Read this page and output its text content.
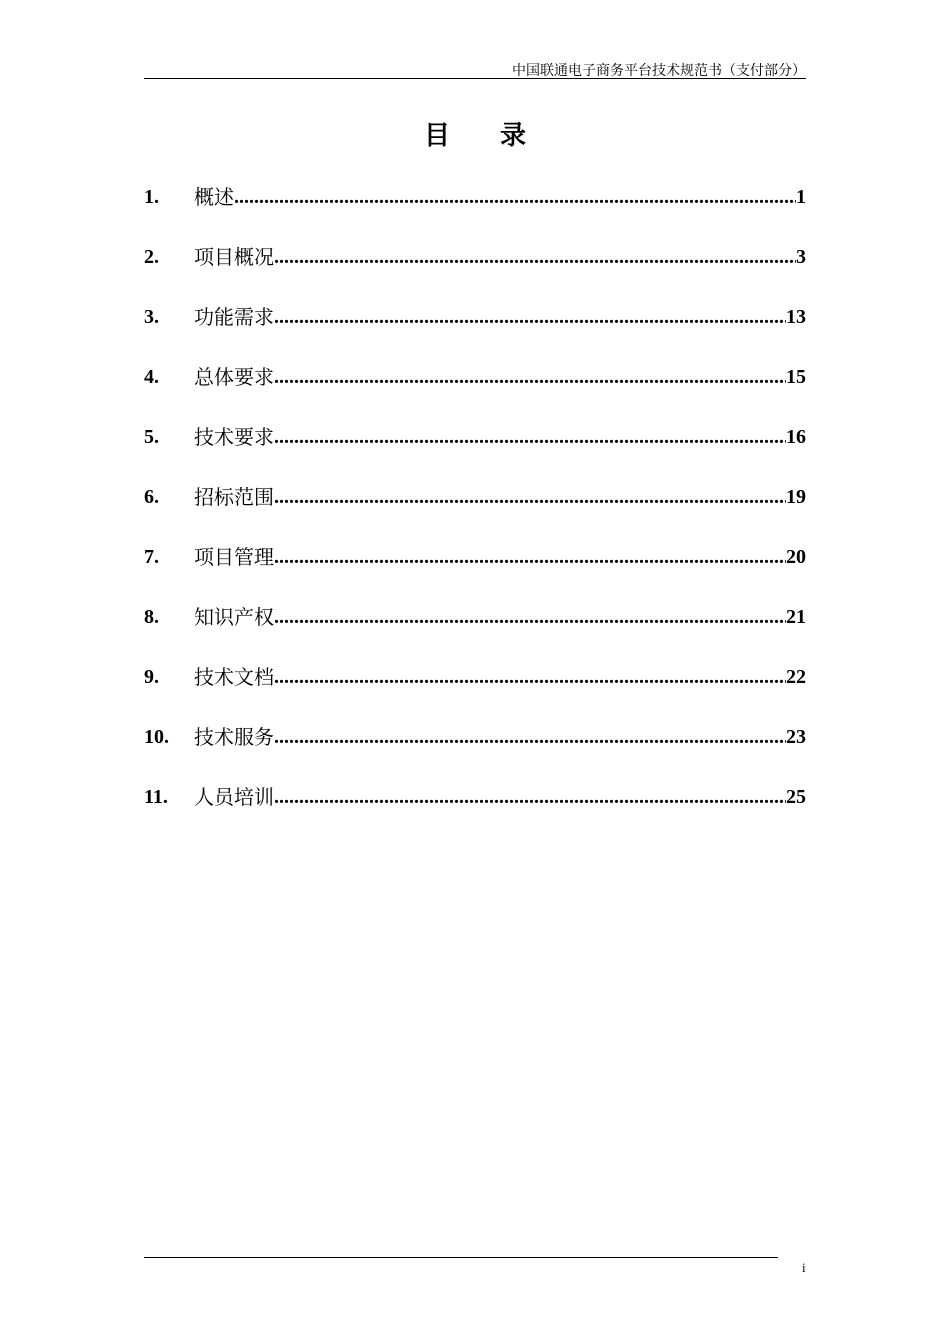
中国联通电子商务平台技术规范书（支付部分）
目 录
1.	概述 .....	1
2.	项目概况 .....	3
3.	功能需求 .....	13
4.	总体要求 .....	15
5.	技术要求 .....	16
6.	招标范围 .....	19
7.	项目管理 .....	20
8.	知识产权 .....	21
9.	技术文档 .....	22
10.	技术服务 .....	23
11.	人员培训 .....	25
i
